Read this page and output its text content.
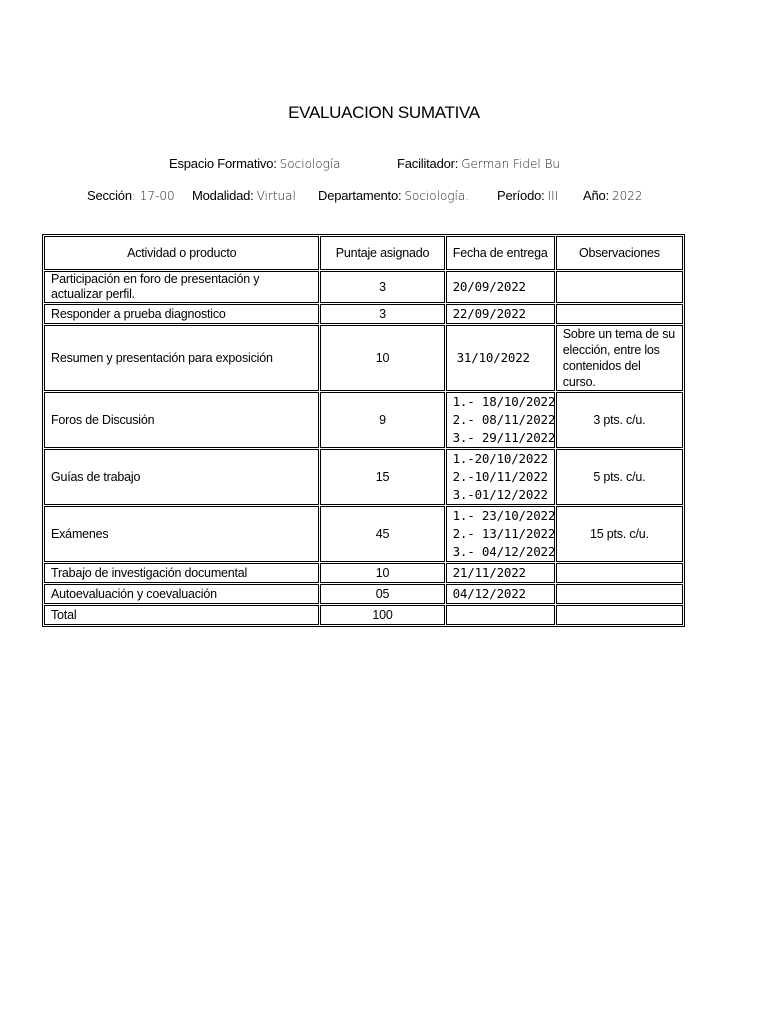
EVALUACION SUMATIVA
Espacio Formativo: Sociología	Facilitador: German Fidel Bu
Sección: 17-00 Modalidad: Virtual Departamento: Sociología. Período: III Año: 2022
Actividad o producto	Puntaje asignado	Fecha de entrega	Observaciones
Participación en foro de presentación y actualizar perfil.	3	20/09/2022	

Responder a prueba diagnostico	3	22/09/2022	

Resumen y presentación para exposición	10	31/10/2022	Sobre un tema de su elección, entre los contenidos del curso.
Foros de Discusión	9	1.- 18/10/2022
2.- 08/11/2022
3.- 29/11/2022	3 pts. c/u.
Guías de trabajo	15	1.-20/10/2022
2.-10/11/2022
3.-01/12/2022	5 pts. c/u.
Exámenes	45	1.- 23/10/2022
2.- 13/11/2022
3.- 04/12/2022	15 pts. c/u.
Trabajo de investigación documental	10	21/11/2022	

Autoevaluación y coevaluación	05	04/12/2022	

Total	100		
